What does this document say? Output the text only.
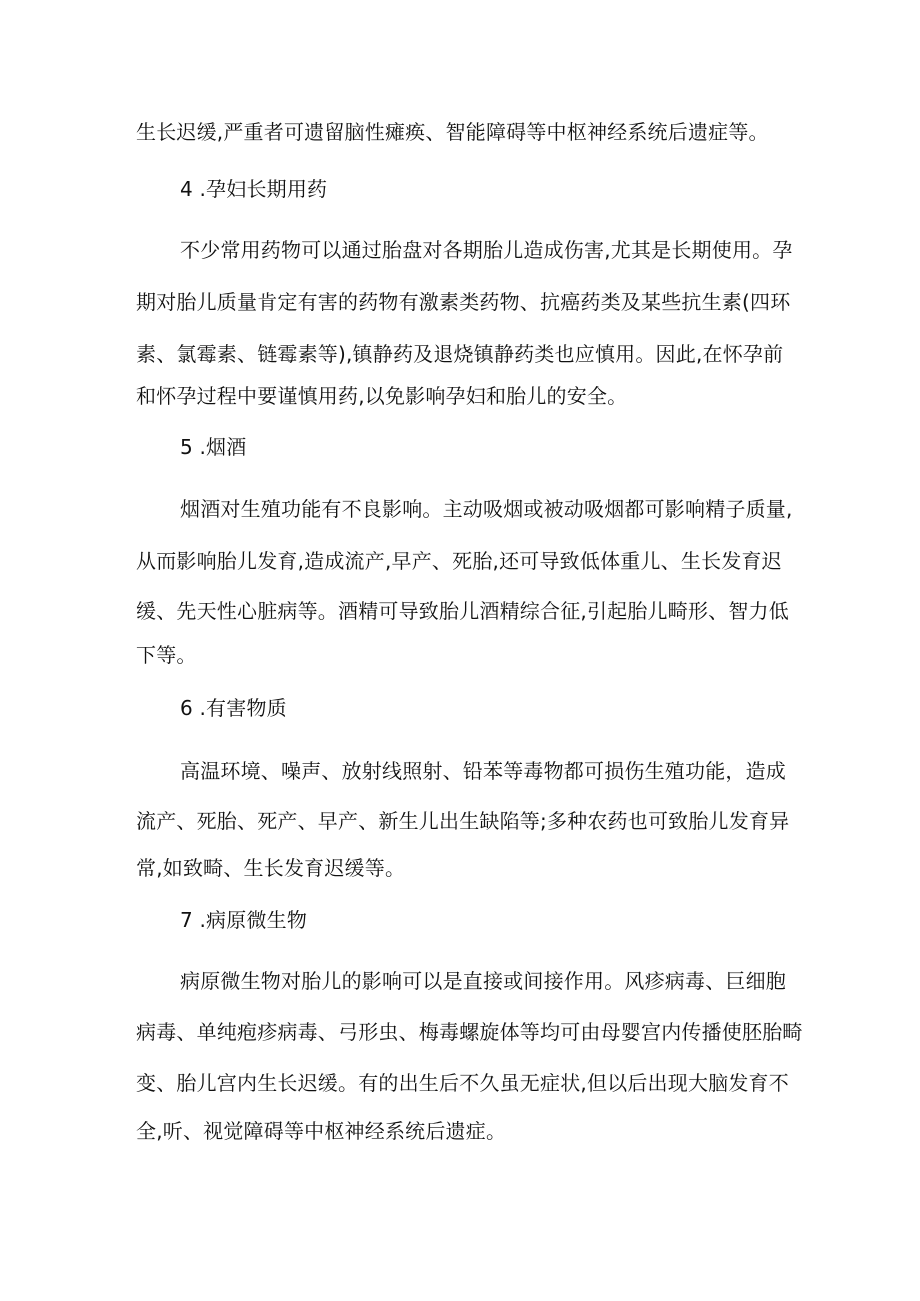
生长迟缓,严重者可遗留脑性瘫痪、智能障碍等中枢神经系统后遗症等。
4 .孕妇长期用药
不少常用药物可以通过胎盘对各期胎儿造成伤害,尤其是长期使用。孕
期对胎儿质量肯定有害的药物有激素类药物、抗癌药类及某些抗生素(四环
素、氯霉素、链霉素等),镇静药及退烧镇静药类也应慎用。因此,在怀孕前
和怀孕过程中要谨慎用药,以免影响孕妇和胎儿的安全。
5 .烟酒
烟酒对生殖功能有不良影响。主动吸烟或被动吸烟都可影响精子质量,
从而影响胎儿发育,造成流产,早产、死胎,还可导致低体重儿、生长发育迟
缓、先天性心脏病等。酒精可导致胎儿酒精综合征,引起胎儿畸形、智力低
下等。
6 .有害物质
高温环境、噪声、放射线照射、铅苯等毒物都可损伤生殖功能，造成
流产、死胎、死产、早产、新生儿出生缺陷等;多种农药也可致胎儿发育异
常,如致畸、生长发育迟缓等。
7 .病原微生物
病原微生物对胎儿的影响可以是直接或间接作用。风疹病毒、巨细胞
病毒、单纯疱疹病毒、弓形虫、梅毒螺旋体等均可由母婴宫内传播使胚胎畸
变、胎儿宫内生长迟缓。有的出生后不久虽无症状,但以后出现大脑发育不
全,听、视觉障碍等中枢神经系统后遗症。
